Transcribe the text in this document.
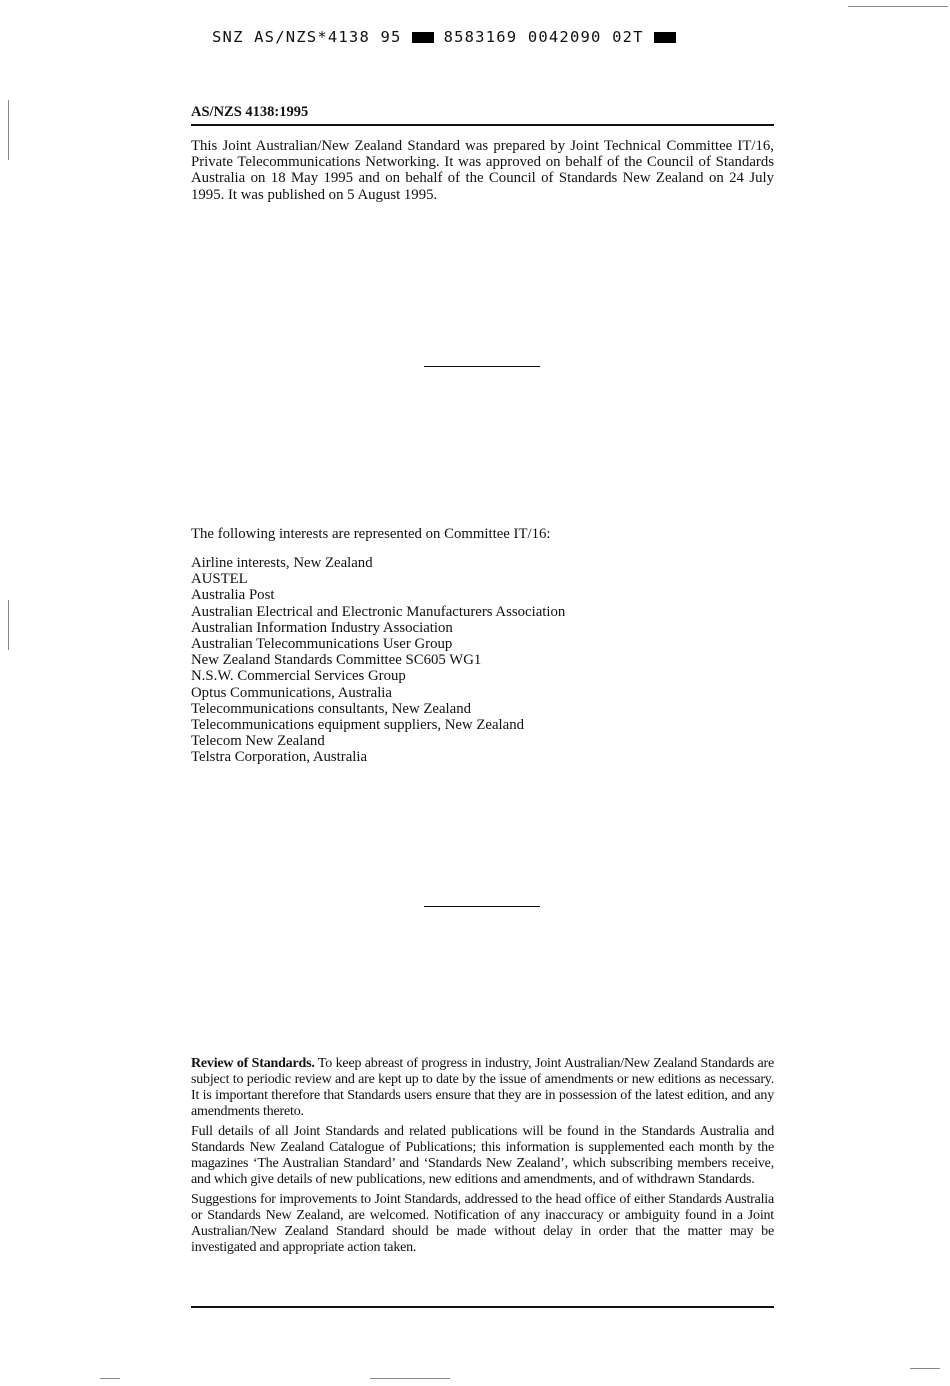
SNZ AS/NZS*4138 95	8583169 0042090 02T
AS/NZS 4138:1995

This Joint Australian/New Zealand Standard was prepared by Joint Technical Committee IT/16, Private Telecommunications Networking. It was approved on behalf of the Council of Standards Australia on 18 May 1995 and on behalf of the Council of Standards New Zealand on 24 July 1995. It was published on 5 August 1995.

The following interests are represented on Committee IT/16:

Airline interests, New Zealand
AUSTEL
Australia Post
Australian Electrical and Electronic Manufacturers Association
Australian Information Industry Association
Australian Telecommunications User Group
New Zealand Standards Committee SC605 WG1
N.S.W. Commercial Services Group
Optus Communications, Australia
Telecommunications consultants, New Zealand
Telecommunications equipment suppliers, New Zealand
Telecom New Zealand
Telstra Corporation, Australia

Review of Standards. To keep abreast of progress in industry, Joint Australian/New Zealand Standards are subject to periodic review and are kept up to date by the issue of amendments or new editions as necessary. It is important therefore that Standards users ensure that they are in possession of the latest edition, and any amendments thereto.

Full details of all Joint Standards and related publications will be found in the Standards Australia and Standards New Zealand Catalogue of Publications; this information is supplemented each month by the magazines ‘The Australian Standard’ and ‘Standards New Zealand’, which subscribing members receive, and which give details of new publications, new editions and amendments, and of withdrawn Standards.

Suggestions for improvements to Joint Standards, addressed to the head office of either Standards Australia or Standards New Zealand, are welcomed. Notification of any inaccuracy or ambiguity found in a Joint Australian/New Zealand Standard should be made without delay in order that the matter may be investigated and appropriate action taken.
